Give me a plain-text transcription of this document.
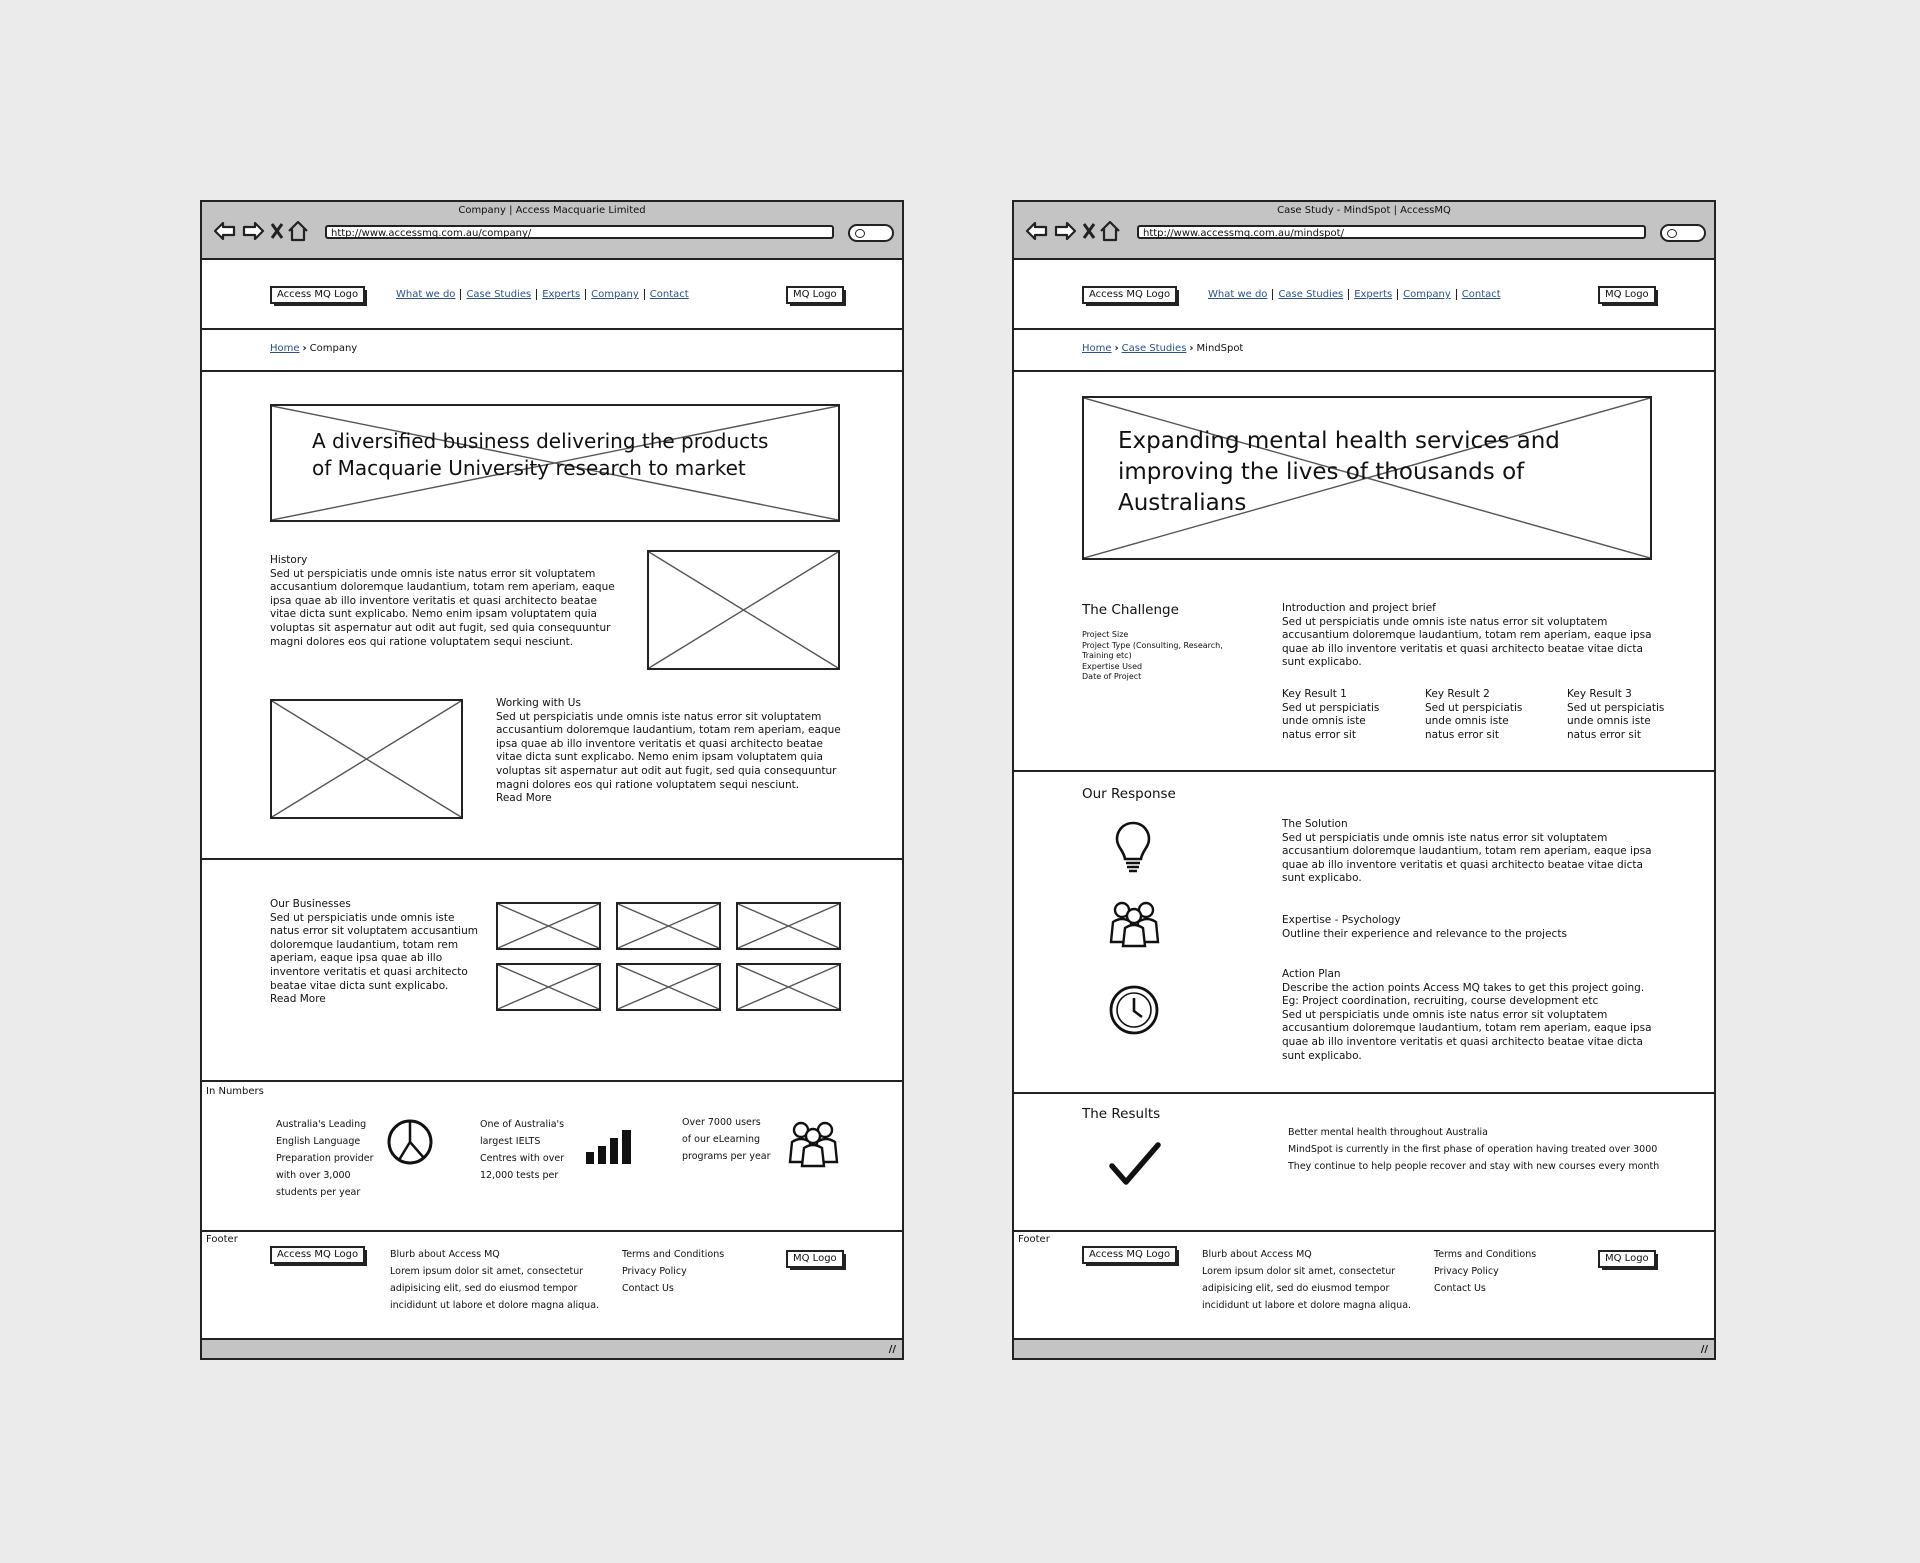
Company | Access Macquarie Limited
http://www.accessmq.com.au/company/
Access MQ Logo	What we do Case Studies Experts Company Contact	MQ Logo
Home › Company
A diversified business delivering the products
of Macquarie University research to market
History
Sed ut perspiciatis unde omnis iste natus error sit voluptatem
accusantium doloremque laudantium, totam rem aperiam, eaque
ipsa quae ab illo inventore veritatis et quasi architecto beatae
vitae dicta sunt explicabo. Nemo enim ipsam voluptatem quia
voluptas sit aspernatur aut odit aut fugit, sed quia consequuntur
magni dolores eos qui ratione voluptatem sequi nesciunt.
Working with Us
Sed ut perspiciatis unde omnis iste natus error sit voluptatem
accusantium doloremque laudantium, totam rem aperiam, eaque
ipsa quae ab illo inventore veritatis et quasi architecto beatae
vitae dicta sunt explicabo. Nemo enim ipsam voluptatem quia
voluptas sit aspernatur aut odit aut fugit, sed quia consequuntur
magni dolores eos qui ratione voluptatem sequi nesciunt.
Read More
Our Businesses
Sed ut perspiciatis unde omnis iste
natus error sit voluptatem accusantium
doloremque laudantium, totam rem
aperiam, eaque ipsa quae ab illo
inventore veritatis et quasi architecto
beatae vitae dicta sunt explicabo.
Read More
In Numbers
Australia's Leading
English Language
Preparation provider
with over 3,000
students per year
One of Australia's
largest IELTS
Centres with over
12,000 tests per
Over 7000 users
of our eLearning
programs per year
Footer
Access MQ Logo	Blurb about Access MQ
Lorem ipsum dolor sit amet, consectetur
adipisicing elit, sed do eiusmod tempor
incididunt ut labore et dolore magna aliqua.
Terms and Conditions
Privacy Policy
Contact Us
MQ Logo
//
Case Study - MindSpot | AccessMQ
http://www.accessmq.com.au/mindspot/
Access MQ Logo	What we do Case Studies Experts Company Contact	MQ Logo
Home › Case Studies › MindSpot
Expanding mental health services and
improving the lives of thousands of
Australians
The Challenge
Project Size
Project Type (Consulting, Research,
Training etc)
Expertise Used
Date of Project
Introduction and project brief
Sed ut perspiciatis unde omnis iste natus error sit voluptatem
accusantium doloremque laudantium, totam rem aperiam, eaque ipsa
quae ab illo inventore veritatis et quasi architecto beatae vitae dicta
sunt explicabo.
Key Result 1
Sed ut perspiciatis
unde omnis iste
natus error sit
Key Result 2
Sed ut perspiciatis
unde omnis iste
natus error sit
Key Result 3
Sed ut perspiciatis
unde omnis iste
natus error sit
Our Response
The Solution
Sed ut perspiciatis unde omnis iste natus error sit voluptatem
accusantium doloremque laudantium, totam rem aperiam, eaque ipsa
quae ab illo inventore veritatis et quasi architecto beatae vitae dicta
sunt explicabo.
Expertise - Psychology
Outline their experience and relevance to the projects
Action Plan
Describe the action points Access MQ takes to get this project going.
Eg: Project coordination, recruiting, course development etc
Sed ut perspiciatis unde omnis iste natus error sit voluptatem
accusantium doloremque laudantium, totam rem aperiam, eaque ipsa
quae ab illo inventore veritatis et quasi architecto beatae vitae dicta
sunt explicabo.
The Results
Better mental health throughout Australia
MindSpot is currently in the first phase of operation having treated over 3000
They continue to help people recover and stay with new courses every month
Footer
Access MQ Logo	Blurb about Access MQ
Lorem ipsum dolor sit amet, consectetur
adipisicing elit, sed do eiusmod tempor
incididunt ut labore et dolore magna aliqua.
Terms and Conditions
Privacy Policy
Contact Us
MQ Logo
//
